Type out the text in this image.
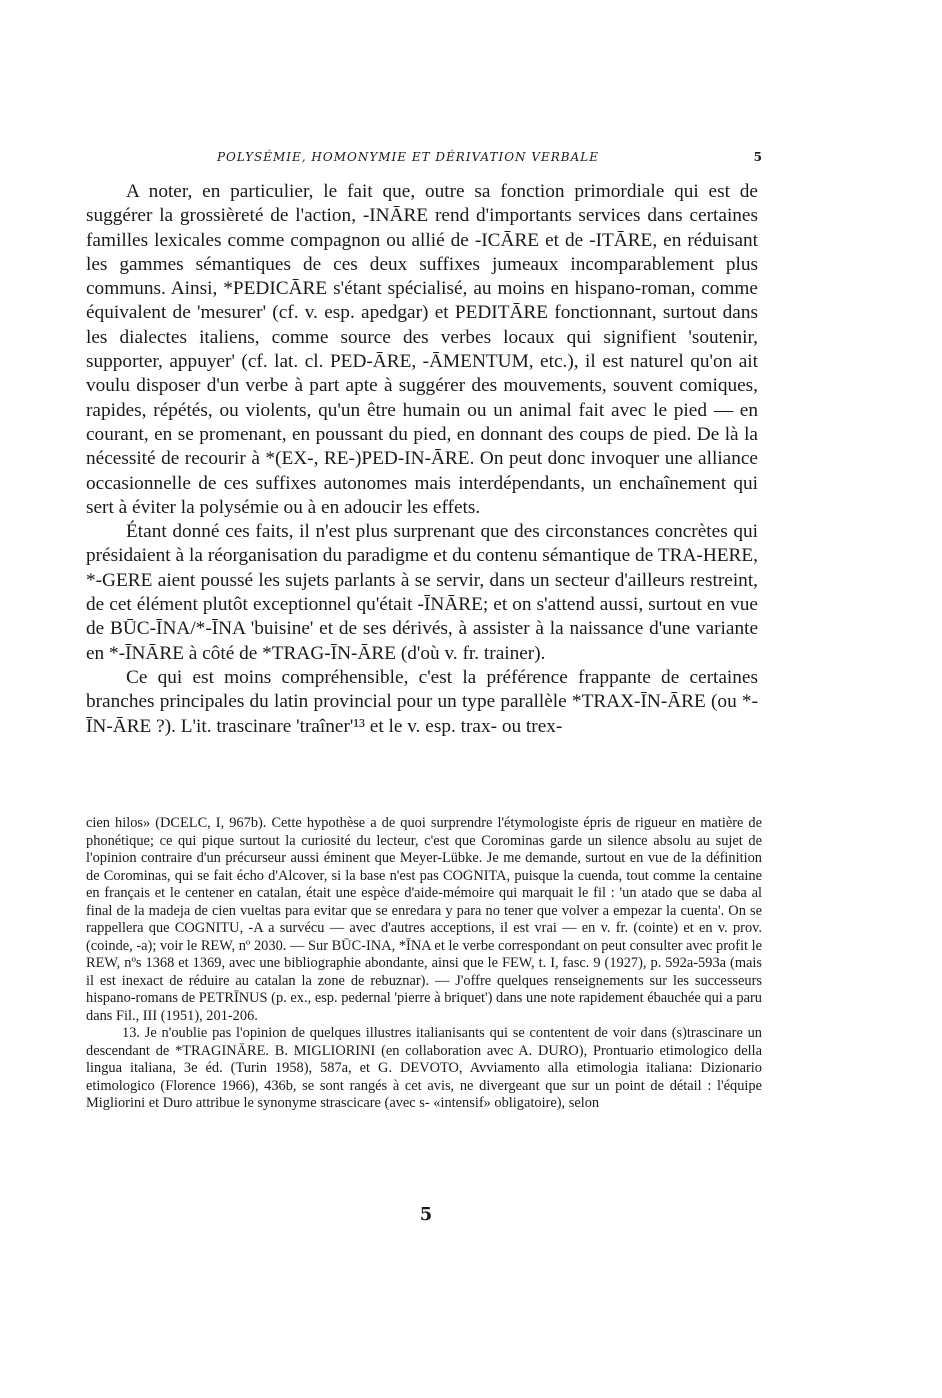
POLYSÉMIE, HOMONYMIE ET DÉRIVATION VERBALE	5

A noter, en particulier, le fait que, outre sa fonction primordiale qui est de suggérer la grossièreté de l'action, -INĀRE rend d'importants services dans certaines familles lexicales comme compagnon ou allié de -ICĀRE et de -ITĀRE, en réduisant les gammes sémantiques de ces deux suffixes jumeaux incomparablement plus communs. Ainsi, *PEDICĀRE s'étant spécialisé, au moins en hispano-roman, comme équivalent de 'mesurer' (cf. v. esp. apedgar) et PEDITĀRE fonctionnant, surtout dans les dialectes italiens, comme source des verbes locaux qui signifient 'soutenir, supporter, appuyer' (cf. lat. cl. PED-ĀRE, -ĀMENTUM, etc.), il est naturel qu'on ait voulu disposer d'un verbe à part apte à suggérer des mouvements, souvent comiques, rapides, répétés, ou violents, qu'un être humain ou un animal fait avec le pied — en courant, en se promenant, en poussant du pied, en donnant des coups de pied. De là la nécessité de recourir à *(EX-, RE-)PED-IN-ĀRE. On peut donc invoquer une alliance occasionnelle de ces suffixes autonomes mais interdépendants, un enchaînement qui sert à éviter la polysémie ou à en adoucir les effets.

Étant donné ces faits, il n'est plus surprenant que des circonstances concrètes qui présidaient à la réorganisation du paradigme et du contenu sémantique de TRA-HERE, *-GERE aient poussé les sujets parlants à se servir, dans un secteur d'ailleurs restreint, de cet élément plutôt exceptionnel qu'était -ĪNĀRE; et on s'attend aussi, surtout en vue de BŪC-ĪNA/*-ĪNA 'buisine' et de ses dérivés, à assister à la naissance d'une variante en *-ĪNĀRE à côté de *TRAG-ĪN-ĀRE (d'où v. fr. trainer).

Ce qui est moins compréhensible, c'est la préférence frappante de certaines branches principales du latin provincial pour un type parallèle *TRAX-ĪN-ĀRE (ou *-ĪN-ĀRE ?). L'it. trascinare 'traîner'¹³ et le v. esp. trax- ou trex-

cien hilos» (DCELC, I, 967b). Cette hypothèse a de quoi surprendre l'étymologiste épris de rigueur en matière de phonétique; ce qui pique surtout la curiosité du lecteur, c'est que Corominas garde un silence absolu au sujet de l'opinion contraire d'un précurseur aussi éminent que Meyer-Lübke. Je me demande, surtout en vue de la définition de Corominas, qui se fait écho d'Alcover, si la base n'est pas COGNITA, puisque la cuenda, tout comme la centaine en français et le centener en catalan, était une espèce d'aide-mémoire qui marquait le fil : 'un atado que se daba al final de la madeja de cien vueltas para evitar que se enredara y para no tener que volver a empezar la cuenta'. On se rappellera que COGNITU, -A a survécu — avec d'autres acceptions, il est vrai — en v. fr. (cointe) et en v. prov. (coinde, -a); voir le REW, nº 2030. — Sur BŪC-INA, *ĪNA et le verbe correspondant on peut consulter avec profit le REW, nºs 1368 et 1369, avec une bibliographie abondante, ainsi que le FEW, t. I, fasc. 9 (1927), p. 592a-593a (mais il est inexact de réduire au catalan la zone de rebuznar). — J'offre quelques renseignements sur les successeurs hispano-romans de PETRĪNUS (p. ex., esp. pedernal 'pierre à briquet') dans une note rapidement ébauchée qui a paru dans Fil., III (1951), 201-206.

13. Je n'oublie pas l'opinion de quelques illustres italianisants qui se contentent de voir dans (s)trascinare un descendant de *TRAGINĀRE. B. MIGLIORINI (en collaboration avec A. DURO), Prontuario etimologico della lingua italiana, 3e éd. (Turin 1958), 587a, et G. DEVOTO, Avviamento alla etimologia italiana: Dizionario etimologico (Florence 1966), 436b, se sont rangés à cet avis, ne divergeant que sur un point de détail : l'équipe Migliorini et Duro attribue le synonyme strascicare (avec s- «intensif» obligatoire), selon

5
